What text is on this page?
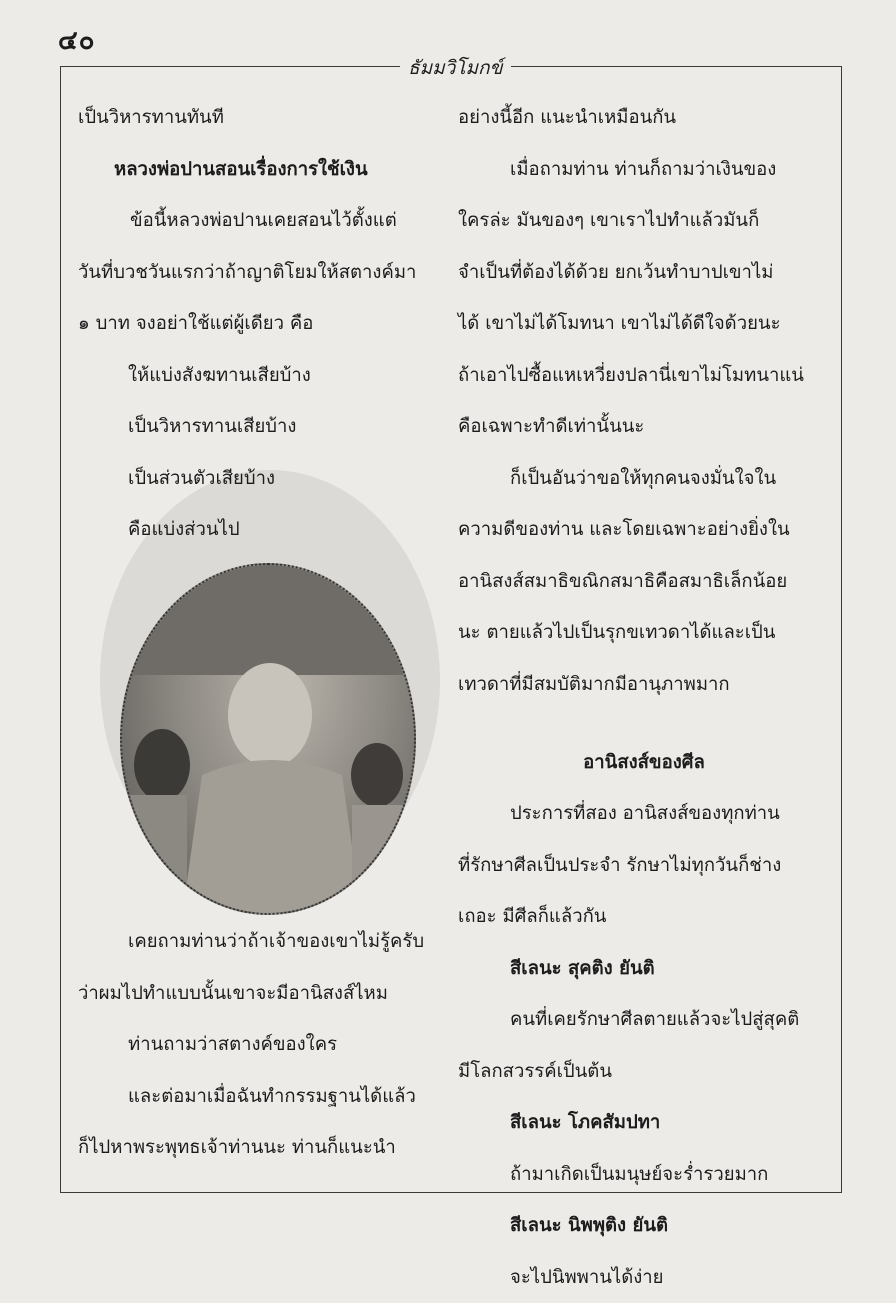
๔๐
ธัมมวิโมกข์
เป็นวิหารทานทันที
หลวงพ่อปานสอนเรื่องการใช้เงิน
ข้อนี้หลวงพ่อปานเคยสอนไว้ตั้งแต่
วันที่บวชวันแรกว่าถ้าญาติโยมให้สตางค์มา
๑ บาท จงอย่าใช้แต่ผู้เดียว คือ
ให้แบ่งสังฆทานเสียบ้าง
เป็นวิหารทานเสียบ้าง
เป็นส่วนตัวเสียบ้าง
คือแบ่งส่วนไป
เคยถามท่านว่าถ้าเจ้าของเขาไม่รู้ครับ
ว่าผมไปทำแบบนั้นเขาจะมีอานิสงส์ไหม
ท่านถามว่าสตางค์ของใคร
และต่อมาเมื่อฉันทำกรรมฐานได้แล้ว
ก็ไปหาพระพุทธเจ้าท่านนะ ท่านก็แนะนำ
อย่างนี้อีก แนะนำเหมือนกัน
เมื่อถามท่าน ท่านก็ถามว่าเงินของ
ใครล่ะ มันของๆ เขาเราไปทำแล้วมันก็
จำเป็นที่ต้องได้ด้วย ยกเว้นทำบาปเขาไม่
ได้ เขาไม่ได้โมทนา เขาไม่ได้ดีใจด้วยนะ
ถ้าเอาไปซื้อแหเหวี่ยงปลานี่เขาไม่โมทนาแน่
คือเฉพาะทำดีเท่านั้นนะ
ก็เป็นอันว่าขอให้ทุกคนจงมั่นใจใน
ความดีของท่าน และโดยเฉพาะอย่างยิ่งใน
อานิสงส์สมาธิขณิกสมาธิคือสมาธิเล็กน้อย
นะ ตายแล้วไปเป็นรุกขเทวดาได้และเป็น
เทวดาที่มีสมบัติมากมีอานุภาพมาก
อานิสงส์ของศีล
ประการที่สอง อานิสงส์ของทุกท่าน
ที่รักษาศีลเป็นประจำ รักษาไม่ทุกวันก็ช่าง
เถอะ มีศีลก็แล้วกัน
สีเลนะ สุคติง ยันติ
คนที่เคยรักษาศีลตายแล้วจะไปสู่สุคติ
มีโลกสวรรค์เป็นต้น
สีเลนะ โภคสัมปทา
ถ้ามาเกิดเป็นมนุษย์จะร่ำรวยมาก
สีเลนะ นิพพุติง ยันติ
จะไปนิพพานได้ง่าย
